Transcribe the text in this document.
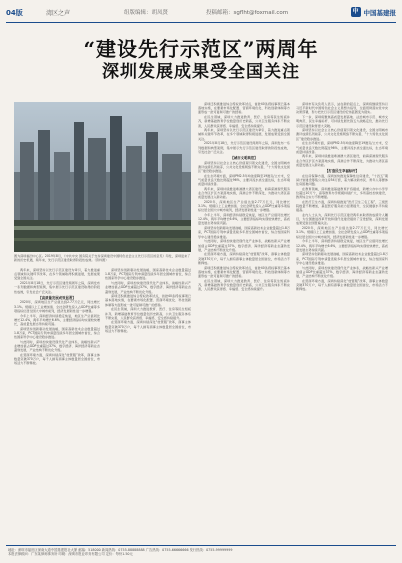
04版	湾区之声	组版编辑：胡凤贤	投稿邮箱：sgflht@foxmail.com	中 中国基建报
“建设先行示范区”两周年
深圳发展成果受全国关注
图为深圳福田中心区。2019年8月，《中共中央 国务院关于支持深圳建设中国特色社会主义先行示范区的意见》印发，深圳迎来了新的历史机遇，两年来，先行示范区建设取得阶段性成效。（资料图）

两年来，深圳坚持以先行示范区建设为牵引，着力推进重点领域和关键环节改革，在多个领域取得积极进展，发展成果受到全国关注。

2021年8月18日，先行示范区建设两周年之际，深圳发布一系列数据和典型案例，集中展示先行示范区建设取得的阶段性成效，引发社会广泛关注。

【高质量发展成效显著】

2020年，深圳地区生产总值达到2.77万亿元，同比增长3.1%。规模以上工业增加值、全社会研发投入占GDP比重等多项指标位居全国大中城市前列，经济发展韧性进一步增强。

今年上半年，深圳经济持续稳定恢复，地区生产总值同比增长12.4%，两年平均增长6.6%，主要经济指标均实现较快增长，高质量发展态势持续巩固。

深圳坚持创新驱动发展战略，国家高新技术企业数量超过1.8万家，PCT国际专利申请量连续多年居全国城市首位，综合性国家科学中心建设稳步推进。

与此同时，深圳加快建设现代化产业体系，战略性新兴产业增加值占GDP比重超过37%，数字经济、海洋经济等新业态蓬勃发展，产业结构不断优化升级。

在营商环境方面，深圳持续深化“放管服”改革，商事主体数量突破370万户，每千人拥有商事主体数量居全国首位，市场活力不断释放。

深圳坚持创新驱动发展战略，国家高新技术企业数量超过1.8万家，PCT国际专利申请量连续多年居全国城市首位，综合性国家科学中心建设稳步推进。

与此同时，深圳加快建设现代化产业体系，战略性新兴产业增加值占GDP比重超过37%，数字经济、海洋经济等新业态蓬勃发展，产业结构不断优化升级。

深圳还积极推进综合授权改革试点，首批40条授权事项已基本落地实施，在要素市场化配置、营商环境优化、科技创新体制等方面形成一批可复制可推广的经验。

在民生领域，深圳大力推进教育、医疗、住房等民生短板补齐，新增基础教育学位数量创历史新高，公共卫生服务体系不断完善，人民群众获得感、幸福感、安全感持续提升。

在营商环境方面，深圳持续深化“放管服”改革，商事主体数量突破370万户，每千人拥有商事主体数量居全国首位，市场活力不断释放。

深圳还积极推进综合授权改革试点，首批40条授权事项已基本落地实施，在要素市场化配置、营商环境优化、科技创新体制等方面形成一批可复制可推广的经验。

在民生领域，深圳大力推进教育、医疗、住房等民生短板补齐，新增基础教育学位数量创历史新高，公共卫生服务体系不断完善，人民群众获得感、幸福感、安全感持续提升。

两年来，深圳坚持以先行示范区建设为牵引，着力推进重点领域和关键环节改革，在多个领域取得积极进展，发展成果受到全国关注。

2021年8月18日，先行示范区建设两周年之际，深圳发布一系列数据和典型案例，集中展示先行示范区建设取得的阶段性成效，引发社会广泛关注。

【城市文明典范】

深圳坚持以社会主义核心价值观引领文化建设，全国文明城市测评成绩名列前茅，公共文化设施网络不断完善，“十大特色文化街区”建设稳步推进。

在生态环境方面，深圳PM2.5年均浓度降至19微克/立方米，空气质量优良天数比例超过96%，主要河流水质全面达标，生态环境质量持续改善。

两年来，深圳持续推进粤港澳大湾区建设，前海深港现代服务业合作区扩区方案落地实施，深港合作不断深化，为推动大湾区高质量发展注入新动能。

2020年，深圳地区生产总值达到2.77万亿元，同比增长3.1%。规模以上工业增加值、全社会研发投入占GDP比重等多项指标位居全国大中城市前列，经济发展韧性进一步增强。

今年上半年，深圳经济持续稳定恢复，地区生产总值同比增长12.4%，两年平均增长6.6%，主要经济指标均实现较快增长，高质量发展态势持续巩固。

深圳坚持创新驱动发展战略，国家高新技术企业数量超过1.8万家，PCT国际专利申请量连续多年居全国城市首位，综合性国家科学中心建设稳步推进。

与此同时，深圳加快建设现代化产业体系，战略性新兴产业增加值占GDP比重超过37%，数字经济、海洋经济等新业态蓬勃发展，产业结构不断优化升级。

在营商环境方面，深圳持续深化“放管服”改革，商事主体数量突破370万户，每千人拥有商事主体数量居全国首位，市场活力不断释放。

深圳还积极推进综合授权改革试点，首批40条授权事项已基本落地实施，在要素市场化配置、营商环境优化、科技创新体制等方面形成一批可复制可推广的经验。

在民生领域，深圳大力推进教育、医疗、住房等民生短板补齐，新增基础教育学位数量创历史新高，公共卫生服务体系不断完善，人民群众获得感、幸福感、安全感持续提升。

深圳市有关负责人表示，站在新的起点上，深圳将继续坚持以习近平新时代中国特色社会主义思想为指导，全面贯彻落实党中央决策部署，努力把先行示范区建设的宏伟蓝图变为现实。

下一步，深圳将聚焦高质量发展高地、法治城市示范、城市文明典范、民生幸福标杆、可持续发展先锋五大战略定位，推动先行示范区建设取得更大突破。

深圳坚持以社会主义核心价值观引领文化建设，全国文明城市测评成绩名列前茅，公共文化设施网络不断完善，“十大特色文化街区”建设稳步推进。

在生态环境方面，深圳PM2.5年均浓度降至19微克/立方米，空气质量优良天数比例超过96%，主要河流水质全面达标，生态环境质量持续改善。

两年来，深圳持续推进粤港澳大湾区建设，前海深港现代服务业合作区扩区方案落地实施，深港合作不断深化，为推动大湾区高质量发展注入新动能。

【打造民生幸福标杆】

在住房保障方面，深圳加快推进保障性住房建设，“十四五”期间计划建设筹集公共住房54万套，着力解决新市民、青年人等群体住房困难问题。

在教育领域，深圳推进基础教育扩容提质，新增公办中小学学位超过10万个，高等教育办学规模持续扩大，多所高校加快建设，教育综合实力不断增强。

在医疗卫生方面，深圳持续推进“医疗卫生三名工程”，三级医院数量不断增加，基层医疗服务能力显著提升，全民健康水平持续提高。

业内人士认为，深圳先行示范区建设两年来取得的成绩令人瞩目，为全国推进改革开放和现代化建设提供了宝贵经验，深圳发展成果受到全国普遍关注。

2020年，深圳地区生产总值达到2.77万亿元，同比增长3.1%。规模以上工业增加值、全社会研发投入占GDP比重等多项指标位居全国大中城市前列，经济发展韧性进一步增强。

今年上半年，深圳经济持续稳定恢复，地区生产总值同比增长12.4%，两年平均增长6.6%，主要经济指标均实现较快增长，高质量发展态势持续巩固。

深圳坚持创新驱动发展战略，国家高新技术企业数量超过1.8万家，PCT国际专利申请量连续多年居全国城市首位，综合性国家科学中心建设稳步推进。

与此同时，深圳加快建设现代化产业体系，战略性新兴产业增加值占GDP比重超过37%，数字经济、海洋经济等新业态蓬勃发展，产业结构不断优化升级。

在营商环境方面，深圳持续深化“放管服”改革，商事主体数量突破370万户，每千人拥有商事主体数量居全国首位，市场活力不断释放。

地址：深圳市福田区深南大道中国基建报社大厦 邮编：518000 新闻热线：0755-88888888 广告热线：0755-66666666 发行热线：0755-99999999
本报法律顾问：广东某律师事务所 印刷：深圳市报业印务有限公司 定价：每份1.50元
